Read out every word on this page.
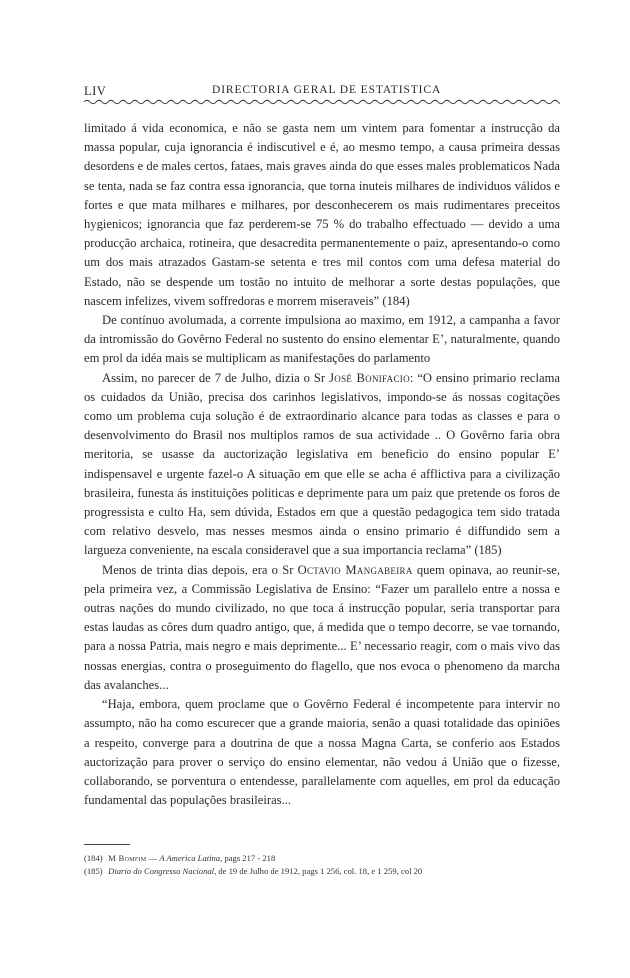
LIV	DIRECTORIA GERAL DE ESTATISTICA

limitado á vida economica, e não se gasta nem um vintem para fomentar a instrucção da massa popular, cuja ignorancia é indiscutivel e é, ao mesmo tempo, a causa primeira dessas desordens e de males certos, fataes, mais graves ainda do que esses males problematicos Nada se tenta, nada se faz contra essa ignorancia, que torna inuteis milhares de individuos válidos e fortes e que mata milhares e milhares, por desconhecerem os mais rudimentares preceitos hygienicos; ignorancia que faz perderem-se 75 % do trabalho effectuado — devido a uma producção archaica, rotineira, que desacredita permanentemente o paiz, apresentando-o como um dos mais atrazados Gastam-se setenta e tres mil contos com uma defesa material do Estado, não se despende um tostão no intuito de melhorar a sorte destas populações, que nascem infelizes, vivem soffredoras e morrem miseraveis” (184)

De contínuo avolumada, a corrente impulsiona ao maximo, em 1912, a campanha a favor da intromissão do Govêrno Federal no sustento do ensino elementar E’, naturalmente, quando em prol da idéa mais se multiplicam as manifestações do parlamento

Assim, no parecer de 7 de Julho, dizia o Sr José Bonifacio: “O ensino primario reclama os cuidados da União, precisa dos carinhos legislativos, impondo-se ás nossas cogitações como um problema cuja solução é de extraordinario alcance para todas as classes e para o desenvolvimento do Brasil nos multiplos ramos de sua actividade .. O Govêrno faria obra meritoria, se usasse da auctorização legislativa em beneficio do ensino popular E’ indispensavel e urgente fazel-o A situação em que elle se acha é afflictiva para a civilização brasileira, funesta ás instituições politicas e deprimente para um paiz que pretende os foros de progressista e culto Ha, sem dúvida, Estados em que a questão pedagogica tem sido tratada com relativo desvelo, mas nesses mesmos ainda o ensino primario é diffundido sem a largueza conveniente, na escala consideravel que a sua importancia reclama” (185)

Menos de trinta dias depois, era o Sr Octavio Mangabeira quem opinava, ao reunir-se, pela primeira vez, a Commissão Legislativa de Ensino: “Fazer um parallelo entre a nossa e outras nações do mundo civilizado, no que toca á instrucção popular, seria transportar para estas laudas as côres dum quadro antigo, que, á medida que o tempo decorre, se vae tornando, para a nossa Patria, mais negro e mais deprimente... E’ necessario reagir, com o mais vivo das nossas energias, contra o proseguimento do flagello, que nos evoca o phenomeno da marcha das avalanches...

“Haja, embora, quem proclame que o Govêrno Federal é incompetente para intervir no assumpto, não ha como escurecer que a grande maioria, senão a quasi totalidade das opiniões a respeito, converge para a doutrina de que a nossa Magna Carta, se conferio aos Estados auctorização para prover o serviço do ensino elementar, não vedou á União que o fizesse, collaborando, se porventura o entendesse, parallelamente com aquelles, em prol da educação fundamental das populações brasileiras...

(184) M Bomfim — A America Latina, pags 217 - 218
(185) Diario do Congresso Nacional, de 19 de Julho de 1912, pags 1 256, col. 18, e 1 259, col 20
